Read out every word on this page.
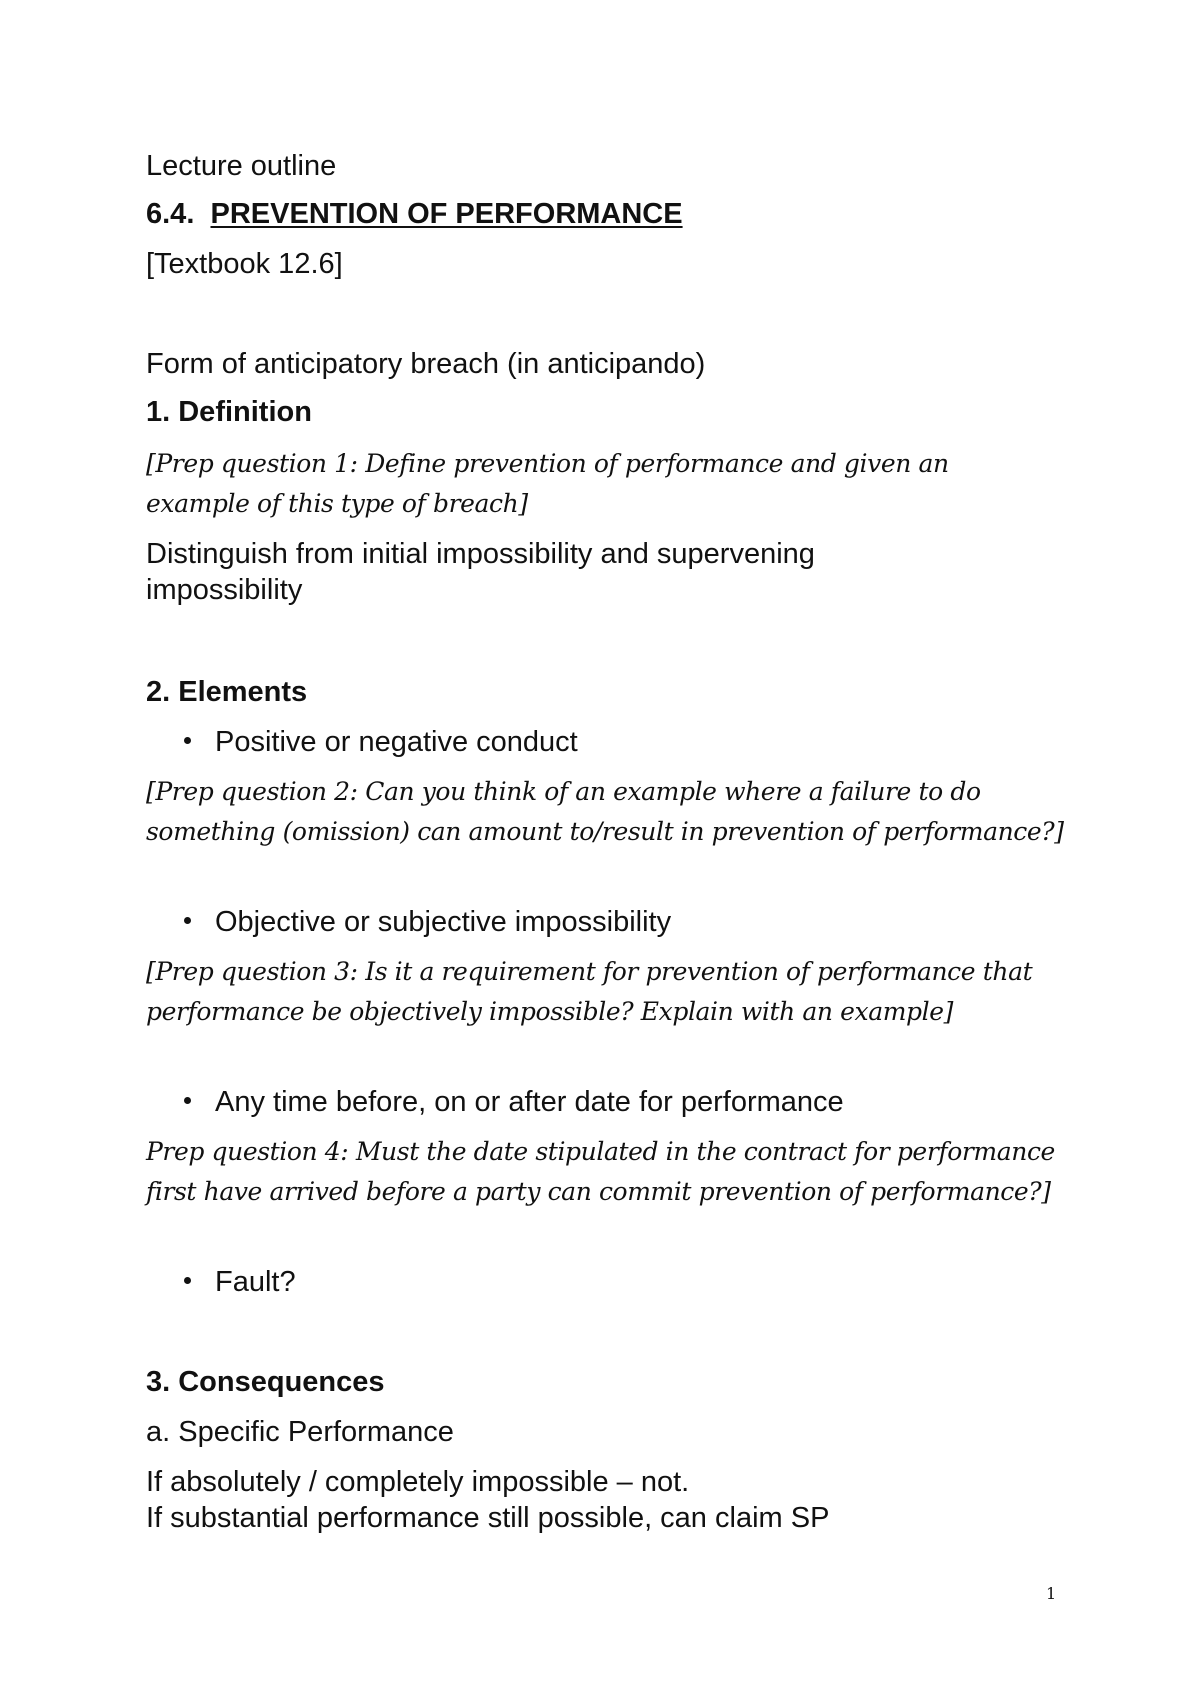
Lecture outline

6.4. PREVENTION OF PERFORMANCE

[Textbook 12.6]

Form of anticipatory breach (in anticipando)

1. Definition

[Prep question 1: Define prevention of performance and given an example of this type of breach]

Distinguish from initial impossibility and supervening impossibility

2. Elements

Positive or negative conduct

[Prep question 2: Can you think of an example where a failure to do something (omission) can amount to/result in prevention of performance?]

Objective or subjective impossibility

[Prep question 3: Is it a requirement for prevention of performance that performance be objectively impossible? Explain with an example]

Any time before, on or after date for performance

Prep question 4: Must the date stipulated in the contract for performance first have arrived before a party can commit prevention of performance?]

Fault?

3. Consequences

a. Specific Performance

If absolutely / completely impossible – not.

If substantial performance still possible, can claim SP

1
